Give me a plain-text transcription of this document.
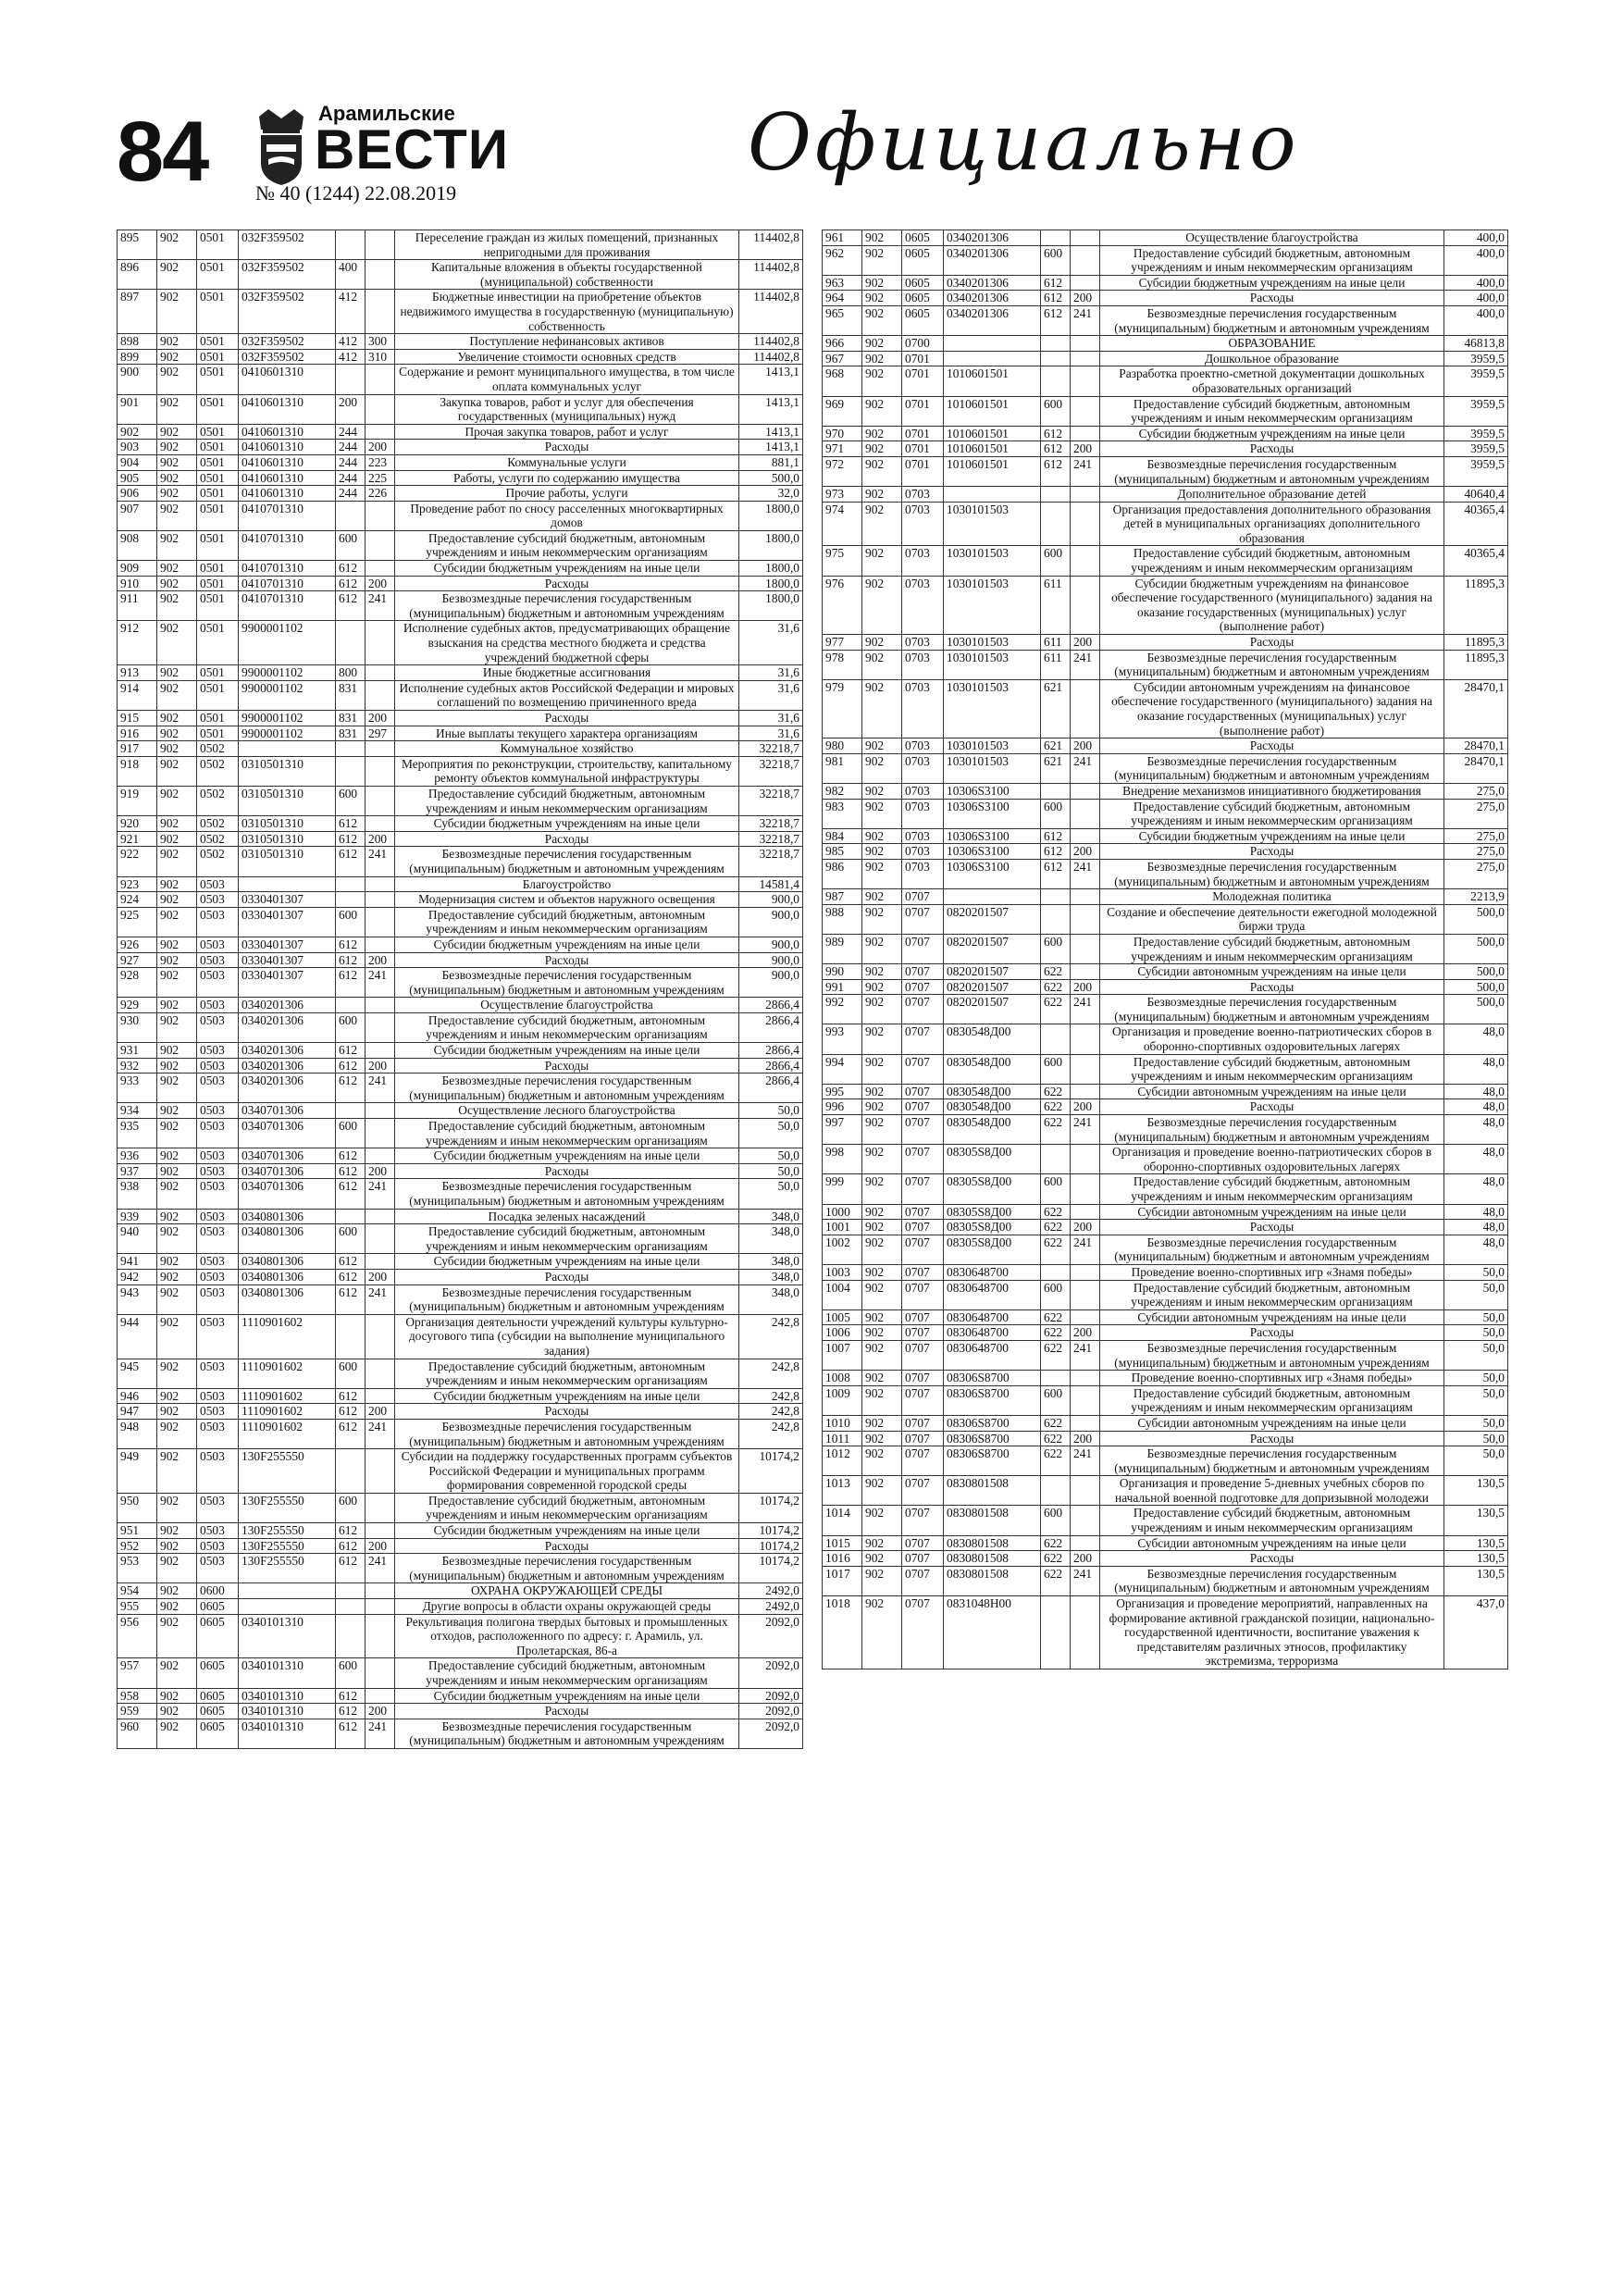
84	Арамильские
ВЕСТИ
№ 40 (1244) 22.08.2019
Официально
895	902	0501	032F359502			Переселение граждан из жилых помещений, признанных непригодными для проживания	114402,8
896	902	0501	032F359502	400		Капитальные вложения в объекты государственной (муниципальной) собственности	114402,8
897	902	0501	032F359502	412		Бюджетные инвестиции на приобретение объектов недвижимого имущества в государственную (муниципальную) собственность	114402,8
898	902	0501	032F359502	412	300	Поступление нефинансовых активов	114402,8
899	902	0501	032F359502	412	310	Увеличение стоимости основных средств	114402,8
900	902	0501	0410601310			Содержание и ремонт муниципального имущества, в том числе оплата коммунальных услуг	1413,1
901	902	0501	0410601310	200		Закупка товаров, работ и услуг для обеспечения государственных (муниципальных) нужд	1413,1
902	902	0501	0410601310	244		Прочая закупка товаров, работ и услуг	1413,1
903	902	0501	0410601310	244	200	Расходы	1413,1
904	902	0501	0410601310	244	223	Коммунальные услуги	881,1
905	902	0501	0410601310	244	225	Работы, услуги по содержанию имущества	500,0
906	902	0501	0410601310	244	226	Прочие работы, услуги	32,0
907	902	0501	0410701310			Проведение работ по сносу расселенных многоквартирных домов	1800,0
908	902	0501	0410701310	600		Предоставление субсидий бюджетным, автономным учреждениям и иным некоммерческим организациям	1800,0
909	902	0501	0410701310	612		Субсидии бюджетным учреждениям на иные цели	1800,0
910	902	0501	0410701310	612	200	Расходы	1800,0
911	902	0501	0410701310	612	241	Безвозмездные перечисления государственным (муниципальным) бюджетным и автономным учреждениям	1800,0
912	902	0501	9900001102			Исполнение судебных актов, предусматривающих обращение взыскания на средства местного бюджета и средства учреждений бюджетной сферы	31,6
913	902	0501	9900001102	800		Иные бюджетные ассигнования	31,6
914	902	0501	9900001102	831		Исполнение судебных актов Российской Федерации и мировых соглашений по возмещению причиненного вреда	31,6
915	902	0501	9900001102	831	200	Расходы	31,6
916	902	0501	9900001102	831	297	Иные выплаты текущего характера организациям	31,6
917	902	0502				Коммунальное хозяйство	32218,7
918	902	0502	0310501310			Мероприятия по реконструкции, строительству, капитальному ремонту объектов коммунальной инфраструктуры	32218,7
919	902	0502	0310501310	600		Предоставление субсидий бюджетным, автономным учреждениям и иным некоммерческим организациям	32218,7
920	902	0502	0310501310	612		Субсидии бюджетным учреждениям на иные цели	32218,7
921	902	0502	0310501310	612	200	Расходы	32218,7
922	902	0502	0310501310	612	241	Безвозмездные перечисления государственным (муниципальным) бюджетным и автономным учреждениям	32218,7
923	902	0503				Благоустройство	14581,4
924	902	0503	0330401307			Модернизация систем и объектов наружного освещения	900,0
925	902	0503	0330401307	600		Предоставление субсидий бюджетным, автономным учреждениям и иным некоммерческим организациям	900,0
926	902	0503	0330401307	612		Субсидии бюджетным учреждениям на иные цели	900,0
927	902	0503	0330401307	612	200	Расходы	900,0
928	902	0503	0330401307	612	241	Безвозмездные перечисления государственным (муниципальным) бюджетным и автономным учреждениям	900,0
929	902	0503	0340201306			Осуществление благоустройства	2866,4
930	902	0503	0340201306	600		Предоставление субсидий бюджетным, автономным учреждениям и иным некоммерческим организациям	2866,4
931	902	0503	0340201306	612		Субсидии бюджетным учреждениям на иные цели	2866,4
932	902	0503	0340201306	612	200	Расходы	2866,4
933	902	0503	0340201306	612	241	Безвозмездные перечисления государственным (муниципальным) бюджетным и автономным учреждениям	2866,4
934	902	0503	0340701306			Осуществление лесного благоустройства	50,0
935	902	0503	0340701306	600		Предоставление субсидий бюджетным, автономным учреждениям и иным некоммерческим организациям	50,0
936	902	0503	0340701306	612		Субсидии бюджетным учреждениям на иные цели	50,0
937	902	0503	0340701306	612	200	Расходы	50,0
938	902	0503	0340701306	612	241	Безвозмездные перечисления государственным (муниципальным) бюджетным и автономным учреждениям	50,0
939	902	0503	0340801306			Посадка зеленых насаждений	348,0
940	902	0503	0340801306	600		Предоставление субсидий бюджетным, автономным учреждениям и иным некоммерческим организациям	348,0
941	902	0503	0340801306	612		Субсидии бюджетным учреждениям на иные цели	348,0
942	902	0503	0340801306	612	200	Расходы	348,0
943	902	0503	0340801306	612	241	Безвозмездные перечисления государственным (муниципальным) бюджетным и автономным учреждениям	348,0
944	902	0503	1110901602			Организация деятельности учреждений культуры культурно-досугового типа (субсидии на выполнение муниципального задания)	242,8
945	902	0503	1110901602	600		Предоставление субсидий бюджетным, автономным учреждениям и иным некоммерческим организациям	242,8
946	902	0503	1110901602	612		Субсидии бюджетным учреждениям на иные цели	242,8
947	902	0503	1110901602	612	200	Расходы	242,8
948	902	0503	1110901602	612	241	Безвозмездные перечисления государственным (муниципальным) бюджетным и автономным учреждениям	242,8
949	902	0503	130F255550			Субсидии на поддержку государственных программ субъектов Российской Федерации и муниципальных программ формирования современной городской среды	10174,2
950	902	0503	130F255550	600		Предоставление субсидий бюджетным, автономным учреждениям и иным некоммерческим организациям	10174,2
951	902	0503	130F255550	612		Субсидии бюджетным учреждениям на иные цели	10174,2
952	902	0503	130F255550	612	200	Расходы	10174,2
953	902	0503	130F255550	612	241	Безвозмездные перечисления государственным (муниципальным) бюджетным и автономным учреждениям	10174,2
954	902	0600				ОХРАНА ОКРУЖАЮЩЕЙ СРЕДЫ	2492,0
955	902	0605				Другие вопросы в области охраны окружающей среды	2492,0
956	902	0605	0340101310			Рекультивация полигона твердых бытовых и промышленных отходов, расположенного по адресу: г. Арамиль, ул. Пролетарская, 86-а	2092,0
957	902	0605	0340101310	600		Предоставление субсидий бюджетным, автономным учреждениям и иным некоммерческим организациям	2092,0
958	902	0605	0340101310	612		Субсидии бюджетным учреждениям на иные цели	2092,0
959	902	0605	0340101310	612	200	Расходы	2092,0
960	902	0605	0340101310	612	241	Безвозмездные перечисления государственным (муниципальным) бюджетным и автономным учреждениям	2092,0
961	902	0605	0340201306			Осуществление благоустройства	400,0
962	902	0605	0340201306	600		Предоставление субсидий бюджетным, автономным учреждениям и иным некоммерческим организациям	400,0
963	902	0605	0340201306	612		Субсидии бюджетным учреждениям на иные цели	400,0
964	902	0605	0340201306	612	200	Расходы	400,0
965	902	0605	0340201306	612	241	Безвозмездные перечисления государственным (муниципальным) бюджетным и автономным учреждениям	400,0
966	902	0700				ОБРАЗОВАНИЕ	46813,8
967	902	0701				Дошкольное образование	3959,5
968	902	0701	1010601501			Разработка проектно-сметной документации дошкольных образовательных организаций	3959,5
969	902	0701	1010601501	600		Предоставление субсидий бюджетным, автономным учреждениям и иным некоммерческим организациям	3959,5
970	902	0701	1010601501	612		Субсидии бюджетным учреждениям на иные цели	3959,5
971	902	0701	1010601501	612	200	Расходы	3959,5
972	902	0701	1010601501	612	241	Безвозмездные перечисления государственным (муниципальным) бюджетным и автономным учреждениям	3959,5
973	902	0703				Дополнительное образование детей	40640,4
974	902	0703	1030101503			Организация предоставления дополнительного образования детей в муниципальных организациях дополнительного образования	40365,4
975	902	0703	1030101503	600		Предоставление субсидий бюджетным, автономным учреждениям и иным некоммерческим организациям	40365,4
976	902	0703	1030101503	611		Субсидии бюджетным учреждениям на финансовое обеспечение государственного (муниципального) задания на оказание государственных (муниципальных) услуг (выполнение работ)	11895,3
977	902	0703	1030101503	611	200	Расходы	11895,3
978	902	0703	1030101503	611	241	Безвозмездные перечисления государственным (муниципальным) бюджетным и автономным учреждениям	11895,3
979	902	0703	1030101503	621		Субсидии автономным учреждениям на финансовое обеспечение государственного (муниципального) задания на оказание государственных (муниципальных) услуг (выполнение работ)	28470,1
980	902	0703	1030101503	621	200	Расходы	28470,1
981	902	0703	1030101503	621	241	Безвозмездные перечисления государственным (муниципальным) бюджетным и автономным учреждениям	28470,1
982	902	0703	10306S3100			Внедрение механизмов инициативного бюджетирования	275,0
983	902	0703	10306S3100	600		Предоставление субсидий бюджетным, автономным учреждениям и иным некоммерческим организациям	275,0
984	902	0703	10306S3100	612		Субсидии бюджетным учреждениям на иные цели	275,0
985	902	0703	10306S3100	612	200	Расходы	275,0
986	902	0703	10306S3100	612	241	Безвозмездные перечисления государственным (муниципальным) бюджетным и автономным учреждениям	275,0
987	902	0707				Молодежная политика	2213,9
988	902	0707	0820201507			Создание и обеспечение деятельности ежегодной молодежной биржи труда	500,0
989	902	0707	0820201507	600		Предоставление субсидий бюджетным, автономным учреждениям и иным некоммерческим организациям	500,0
990	902	0707	0820201507	622		Субсидии автономным учреждениям на иные цели	500,0
991	902	0707	0820201507	622	200	Расходы	500,0
992	902	0707	0820201507	622	241	Безвозмездные перечисления государственным (муниципальным) бюджетным и автономным учреждениям	500,0
993	902	0707	0830548Д00			Организация и проведение военно-патриотических сборов в оборонно-спортивных оздоровительных лагерях	48,0
994	902	0707	0830548Д00	600		Предоставление субсидий бюджетным, автономным учреждениям и иным некоммерческим организациям	48,0
995	902	0707	0830548Д00	622		Субсидии автономным учреждениям на иные цели	48,0
996	902	0707	0830548Д00	622	200	Расходы	48,0
997	902	0707	0830548Д00	622	241	Безвозмездные перечисления государственным (муниципальным) бюджетным и автономным учреждениям	48,0
998	902	0707	08305S8Д00			Организация и проведение военно-патриотических сборов в оборонно-спортивных оздоровительных лагерях	48,0
999	902	0707	08305S8Д00	600		Предоставление субсидий бюджетным, автономным учреждениям и иным некоммерческим организациям	48,0
1000	902	0707	08305S8Д00	622		Субсидии автономным учреждениям на иные цели	48,0
1001	902	0707	08305S8Д00	622	200	Расходы	48,0
1002	902	0707	08305S8Д00	622	241	Безвозмездные перечисления государственным (муниципальным) бюджетным и автономным учреждениям	48,0
1003	902	0707	0830648700			Проведение военно-спортивных игр «Знамя победы»	50,0
1004	902	0707	0830648700	600		Предоставление субсидий бюджетным, автономным учреждениям и иным некоммерческим организациям	50,0
1005	902	0707	0830648700	622		Субсидии автономным учреждениям на иные цели	50,0
1006	902	0707	0830648700	622	200	Расходы	50,0
1007	902	0707	0830648700	622	241	Безвозмездные перечисления государственным (муниципальным) бюджетным и автономным учреждениям	50,0
1008	902	0707	08306S8700			Проведение военно-спортивных игр «Знамя победы»	50,0
1009	902	0707	08306S8700	600		Предоставление субсидий бюджетным, автономным учреждениям и иным некоммерческим организациям	50,0
1010	902	0707	08306S8700	622		Субсидии автономным учреждениям на иные цели	50,0
1011	902	0707	08306S8700	622	200	Расходы	50,0
1012	902	0707	08306S8700	622	241	Безвозмездные перечисления государственным (муниципальным) бюджетным и автономным учреждениям	50,0
1013	902	0707	0830801508			Организация и проведение 5-дневных учебных сборов по начальной военной подготовке для допризывной молодежи	130,5
1014	902	0707	0830801508	600		Предоставление субсидий бюджетным, автономным учреждениям и иным некоммерческим организациям	130,5
1015	902	0707	0830801508	622		Субсидии автономным учреждениям на иные цели	130,5
1016	902	0707	0830801508	622	200	Расходы	130,5
1017	902	0707	0830801508	622	241	Безвозмездные перечисления государственным (муниципальным) бюджетным и автономным учреждениям	130,5
1018	902	0707	0831048Н00			Организация и проведение мероприятий, направленных на формирование активной гражданской позиции, национально-государственной идентичности, воспитание уважения к представителям различных этносов, профилактику экстремизма, терроризма	437,0
